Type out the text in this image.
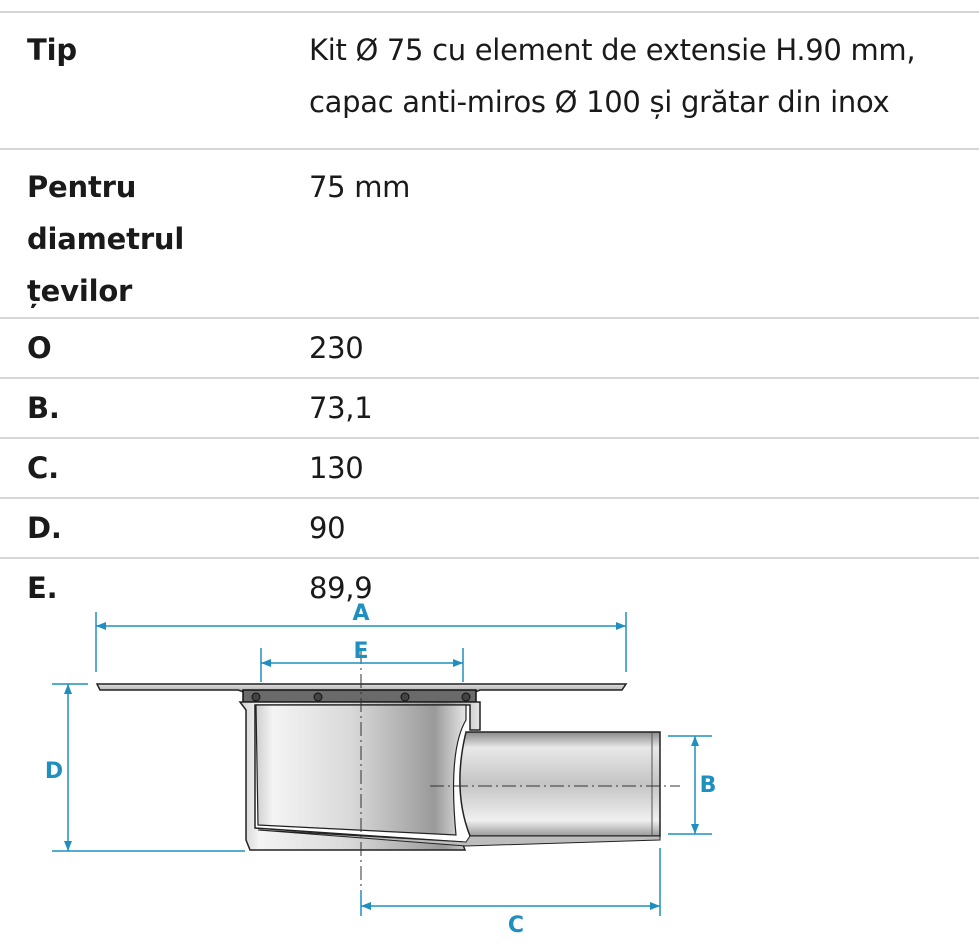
Tip	Kit Ø 75 cu element de extensie H.90 mm, capac anti-miros Ø 100 și grătar din inox
Pentru diametrul țevilor	75 mm
O	230
B.	73,1
C.	130
D.	90
E.	89,9
A
E
D
B
C
